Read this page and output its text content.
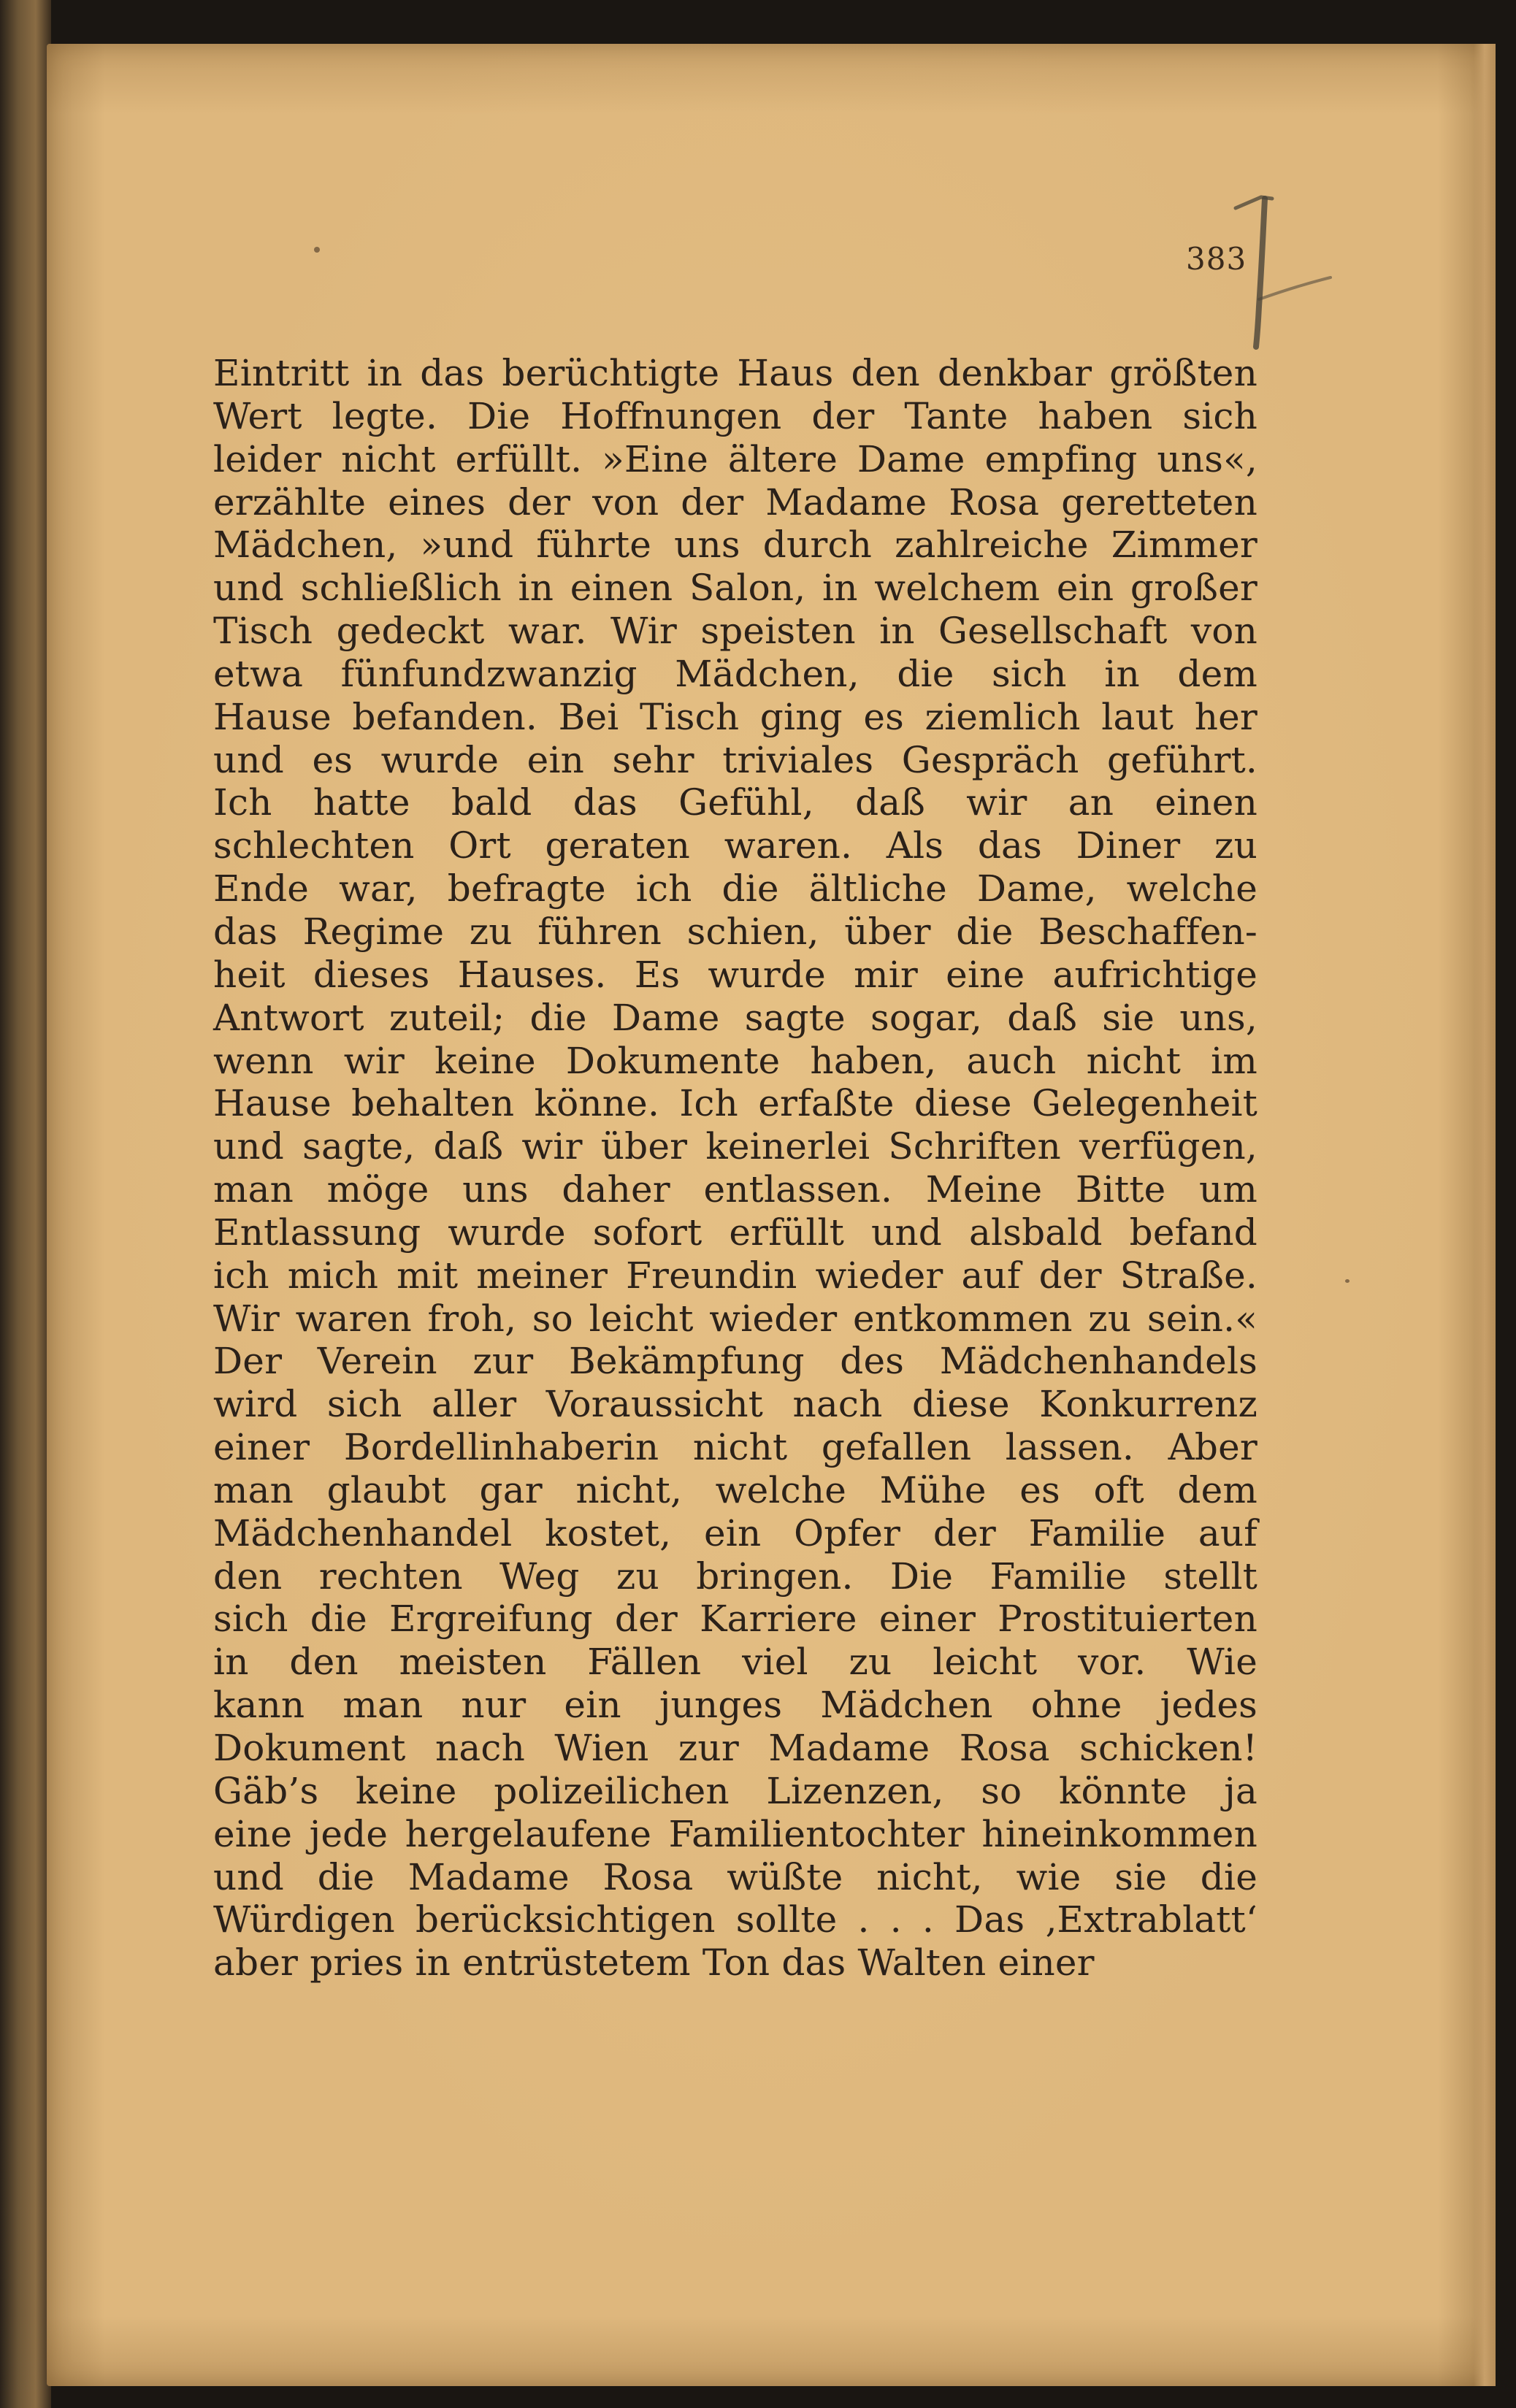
383
Eintritt in das berüchtigte Haus den denkbar größten
Wert legte. Die Hoffnungen der Tante haben sich
leider nicht erfüllt. »Eine ältere Dame empfing uns«,
erzählte eines der von der Madame Rosa geretteten
Mädchen, »und führte uns durch zahlreiche Zimmer
und schließlich in einen Salon, in welchem ein großer
Tisch gedeckt war. Wir speisten in Gesellschaft von
etwa fünfundzwanzig Mädchen, die sich in dem
Hause befanden. Bei Tisch ging es ziemlich laut her
und es wurde ein sehr triviales Gespräch geführt.
Ich hatte bald das Gefühl, daß wir an einen
schlechten Ort geraten waren. Als das Diner zu
Ende war, befragte ich die ältliche Dame, welche
das Regime zu führen schien, über die Beschaffen-
heit dieses Hauses. Es wurde mir eine aufrichtige
Antwort zuteil; die Dame sagte sogar, daß sie uns,
wenn wir keine Dokumente haben, auch nicht im
Hause behalten könne. Ich erfaßte diese Gelegenheit
und sagte, daß wir über keinerlei Schriften verfügen,
man möge uns daher entlassen. Meine Bitte um
Entlassung wurde sofort erfüllt und alsbald befand
ich mich mit meiner Freundin wieder auf der Straße.
Wir waren froh, so leicht wieder entkommen zu sein.«
Der Verein zur Bekämpfung des Mädchenhandels
wird sich aller Voraussicht nach diese Konkurrenz
einer Bordellinhaberin nicht gefallen lassen. Aber
man glaubt gar nicht, welche Mühe es oft dem
Mädchenhandel kostet, ein Opfer der Familie auf
den rechten Weg zu bringen. Die Familie stellt
sich die Ergreifung der Karriere einer Prostituierten
in den meisten Fällen viel zu leicht vor. Wie
kann man nur ein junges Mädchen ohne jedes
Dokument nach Wien zur Madame Rosa schicken!
Gäb’s keine polizeilichen Lizenzen, so könnte ja
eine jede hergelaufene Familientochter hineinkommen
und die Madame Rosa wüßte nicht, wie sie die
Würdigen berücksichtigen sollte . . . Das ‚Extrablatt‘
aber pries in entrüstetem Ton das Walten einer
